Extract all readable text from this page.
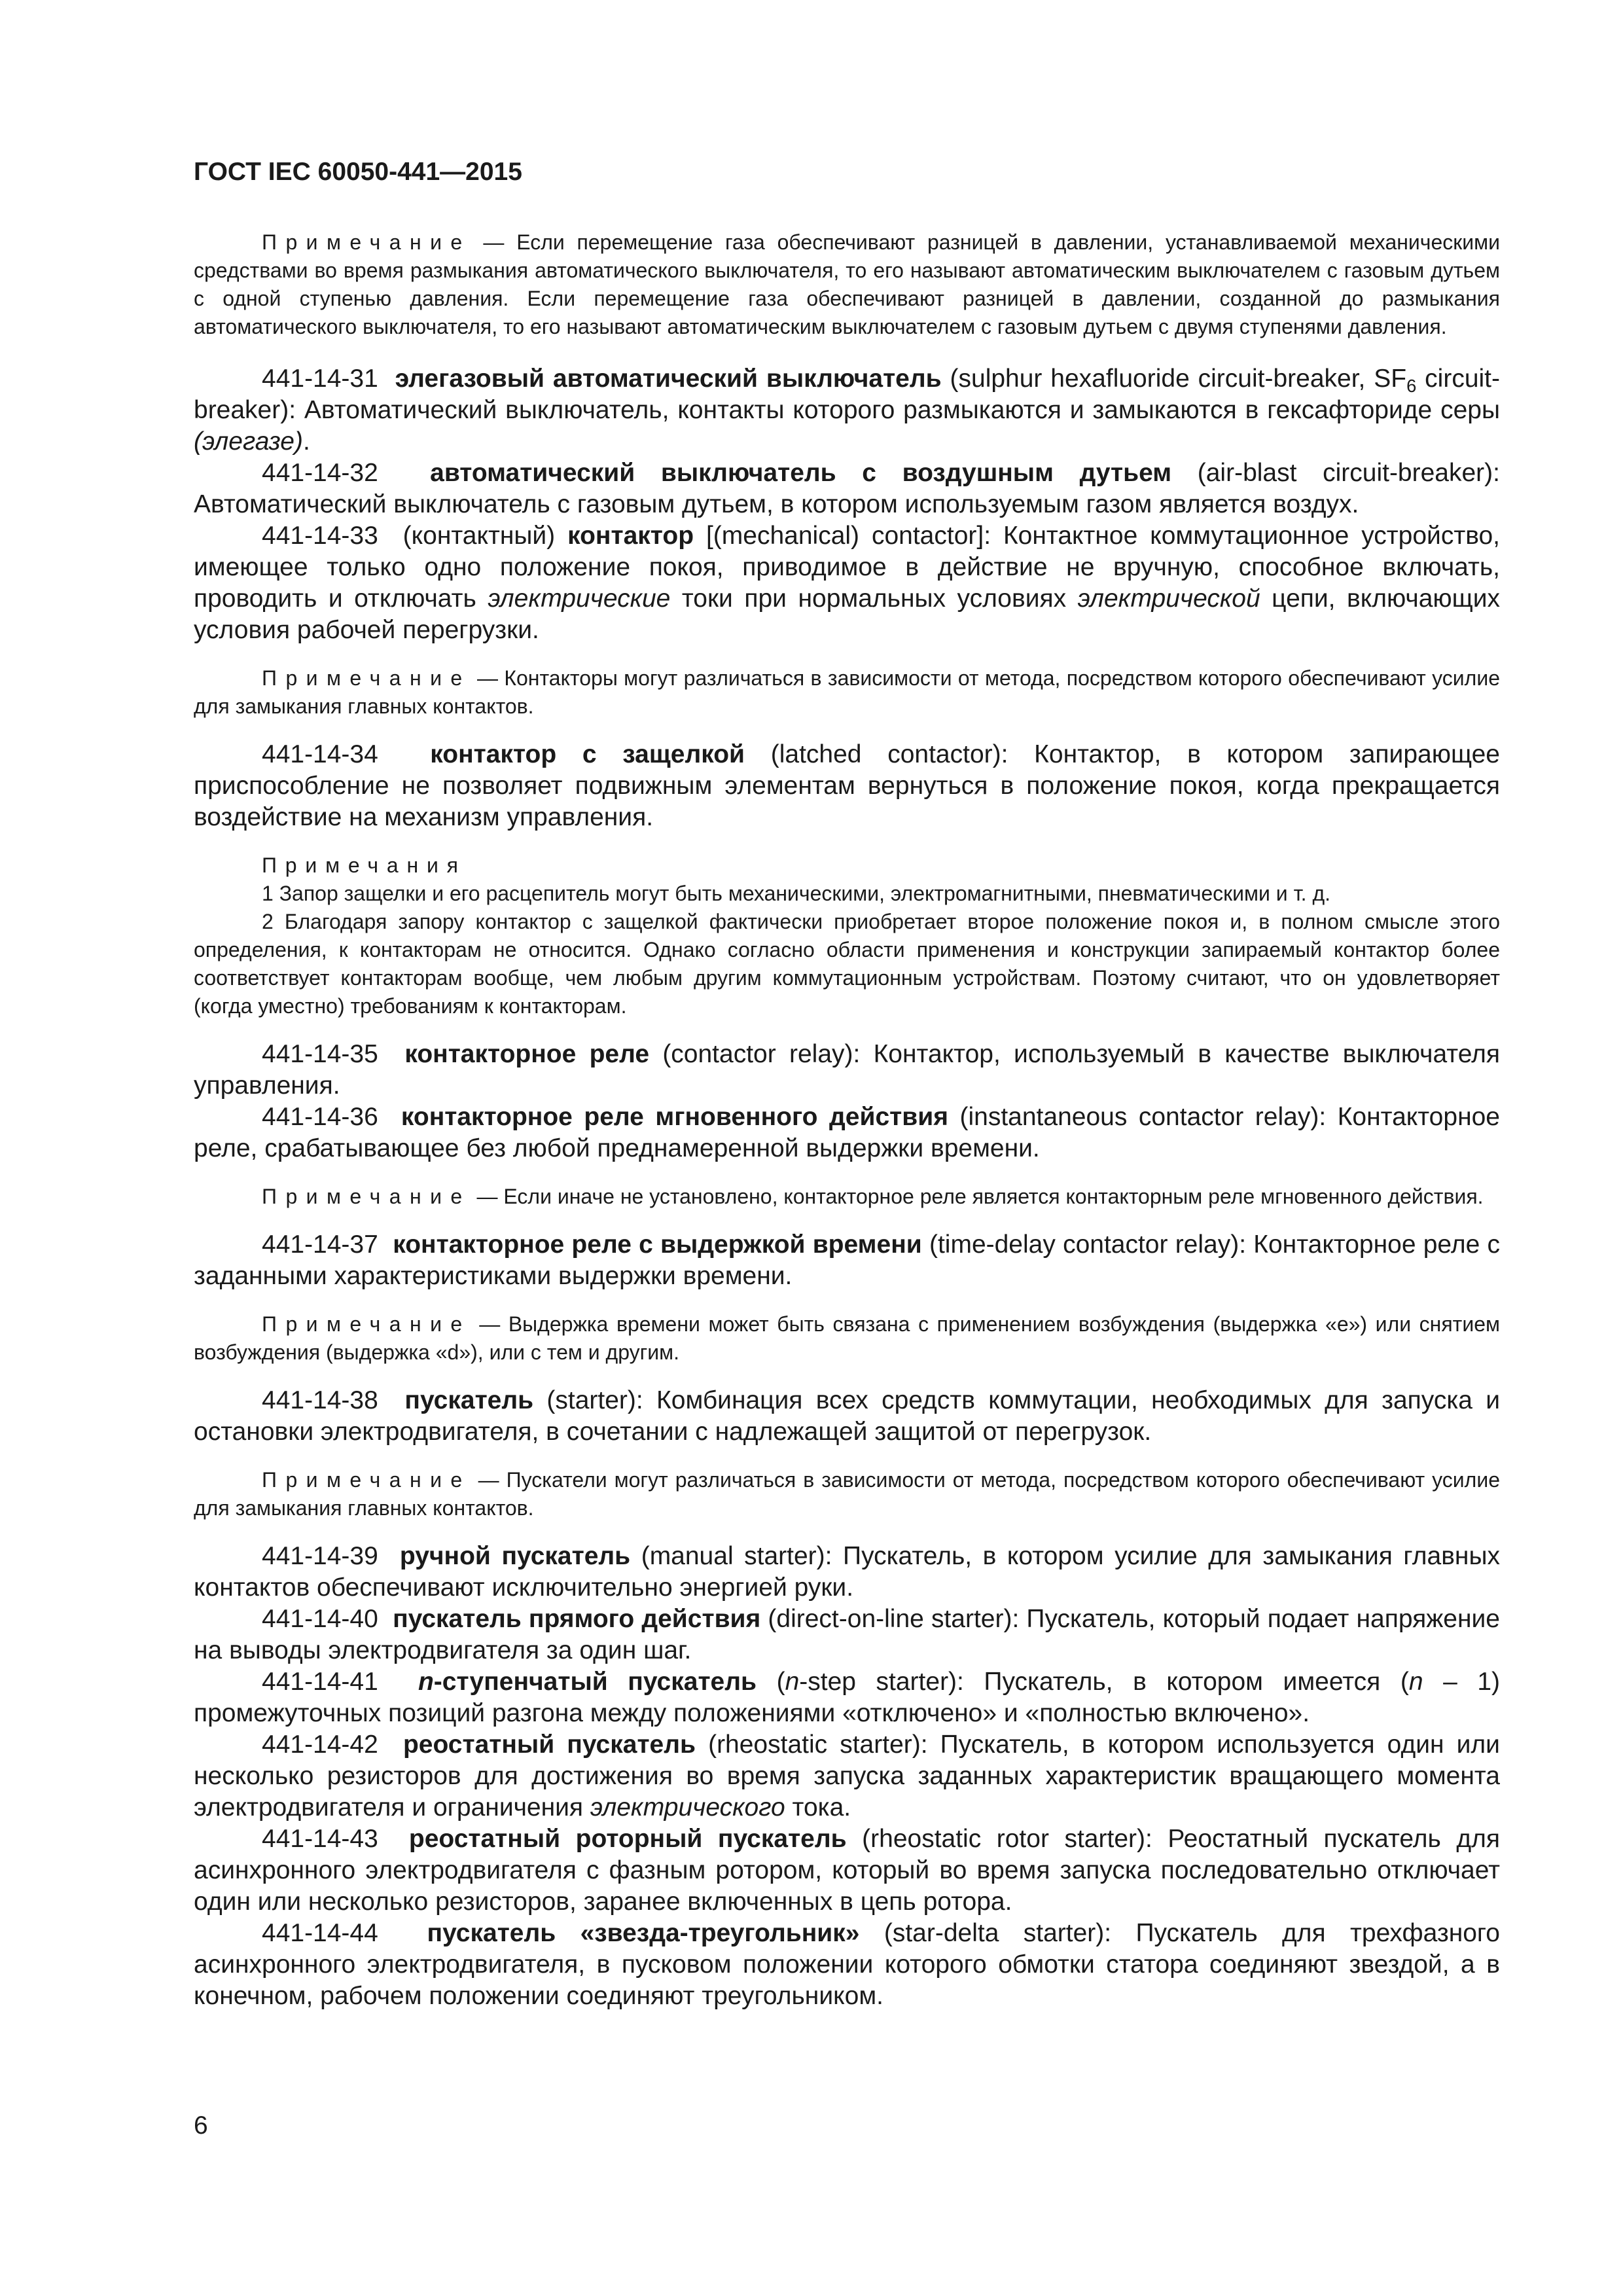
ГОСТ IEC 60050-441—2015

Примечание — Если перемещение газа обеспечивают разницей в давлении, устанавливаемой механическими средствами во время размыкания автоматического выключателя, то его называют автоматическим выключателем с газовым дутьем с одной ступенью давления. Если перемещение газа обеспечивают разницей в давлении, созданной до размыкания автоматического выключателя, то его называют автоматическим выключателем с газовым дутьем с двумя ступенями давления.

441-14-31 элегазовый автоматический выключатель (sulphur hexafluoride circuit-breaker, $SF_6$ circuit-breaker): Автоматический выключатель, контакты которого размыкаются и замыкаются в гексафториде серы (элегазе).

441-14-32 автоматический выключатель с воздушным дутьем (air-blast circuit-breaker): Автоматический выключатель с газовым дутьем, в котором используемым газом является воздух.

441-14-33 (контактный) контактор [(mechanical) contactor]: Контактное коммутационное устройство, имеющее только одно положение покоя, приводимое в действие не вручную, способное включать, проводить и отключать электрические токи при нормальных условиях электрической цепи, включающих условия рабочей перегрузки.

Примечание — Контакторы могут различаться в зависимости от метода, посредством которого обеспечивают усилие для замыкания главных контактов.

441-14-34 контактор с защелкой (latched contactor): Контактор, в котором запирающее приспособление не позволяет подвижным элементам вернуться в положение покоя, когда прекращается воздействие на механизм управления.

Примечания

1 Запор защелки и его расцепитель могут быть механическими, электромагнитными, пневматическими и т. д.

2 Благодаря запору контактор с защелкой фактически приобретает второе положение покоя и, в полном смысле этого определения, к контакторам не относится. Однако согласно области применения и конструкции запираемый контактор более соответствует контакторам вообще, чем любым другим коммутационным устройствам. Поэтому считают, что он удовлетворяет (когда уместно) требованиям к контакторам.

441-14-35 контакторное реле (contactor relay): Контактор, используемый в качестве выключателя управления.

441-14-36 контакторное реле мгновенного действия (instantaneous contactor relay): Контакторное реле, срабатывающее без любой преднамеренной выдержки времени.

Примечание — Если иначе не установлено, контакторное реле является контакторным реле мгновенного действия.

441-14-37 контакторное реле с выдержкой времени (time-delay contactor relay): Контакторное реле с заданными характеристиками выдержки времени.

Примечание — Выдержка времени может быть связана с применением возбуждения (выдержка «е») или снятием возбуждения (выдержка «d»), или с тем и другим.

441-14-38 пускатель (starter): Комбинация всех средств коммутации, необходимых для запуска и остановки электродвигателя, в сочетании с надлежащей защитой от перегрузок.

Примечание — Пускатели могут различаться в зависимости от метода, посредством которого обеспечивают усилие для замыкания главных контактов.

441-14-39 ручной пускатель (manual starter): Пускатель, в котором усилие для замыкания главных контактов обеспечивают исключительно энергией руки.

441-14-40 пускатель прямого действия (direct-on-line starter): Пускатель, который подает напряжение на выводы электродвигателя за один шаг.

441-14-41 n-ступенчатый пускатель (n-step starter): Пускатель, в котором имеется (n – 1) промежуточных позиций разгона между положениями «отключено» и «полностью включено».

441-14-42 реостатный пускатель (rheostatic starter): Пускатель, в котором используется один или несколько резисторов для достижения во время запуска заданных характеристик вращающего момента электродвигателя и ограничения электрического тока.

441-14-43 реостатный роторный пускатель (rheostatic rotor starter): Реостатный пускатель для асинхронного электродвигателя с фазным ротором, который во время запуска последовательно отключает один или несколько резисторов, заранее включенных в цепь ротора.

441-14-44 пускатель «звезда-треугольник» (star-delta starter): Пускатель для трехфазного асинхронного электродвигателя, в пусковом положении которого обмотки статора соединяют звездой, а в конечном, рабочем положении соединяют треугольником.

6
